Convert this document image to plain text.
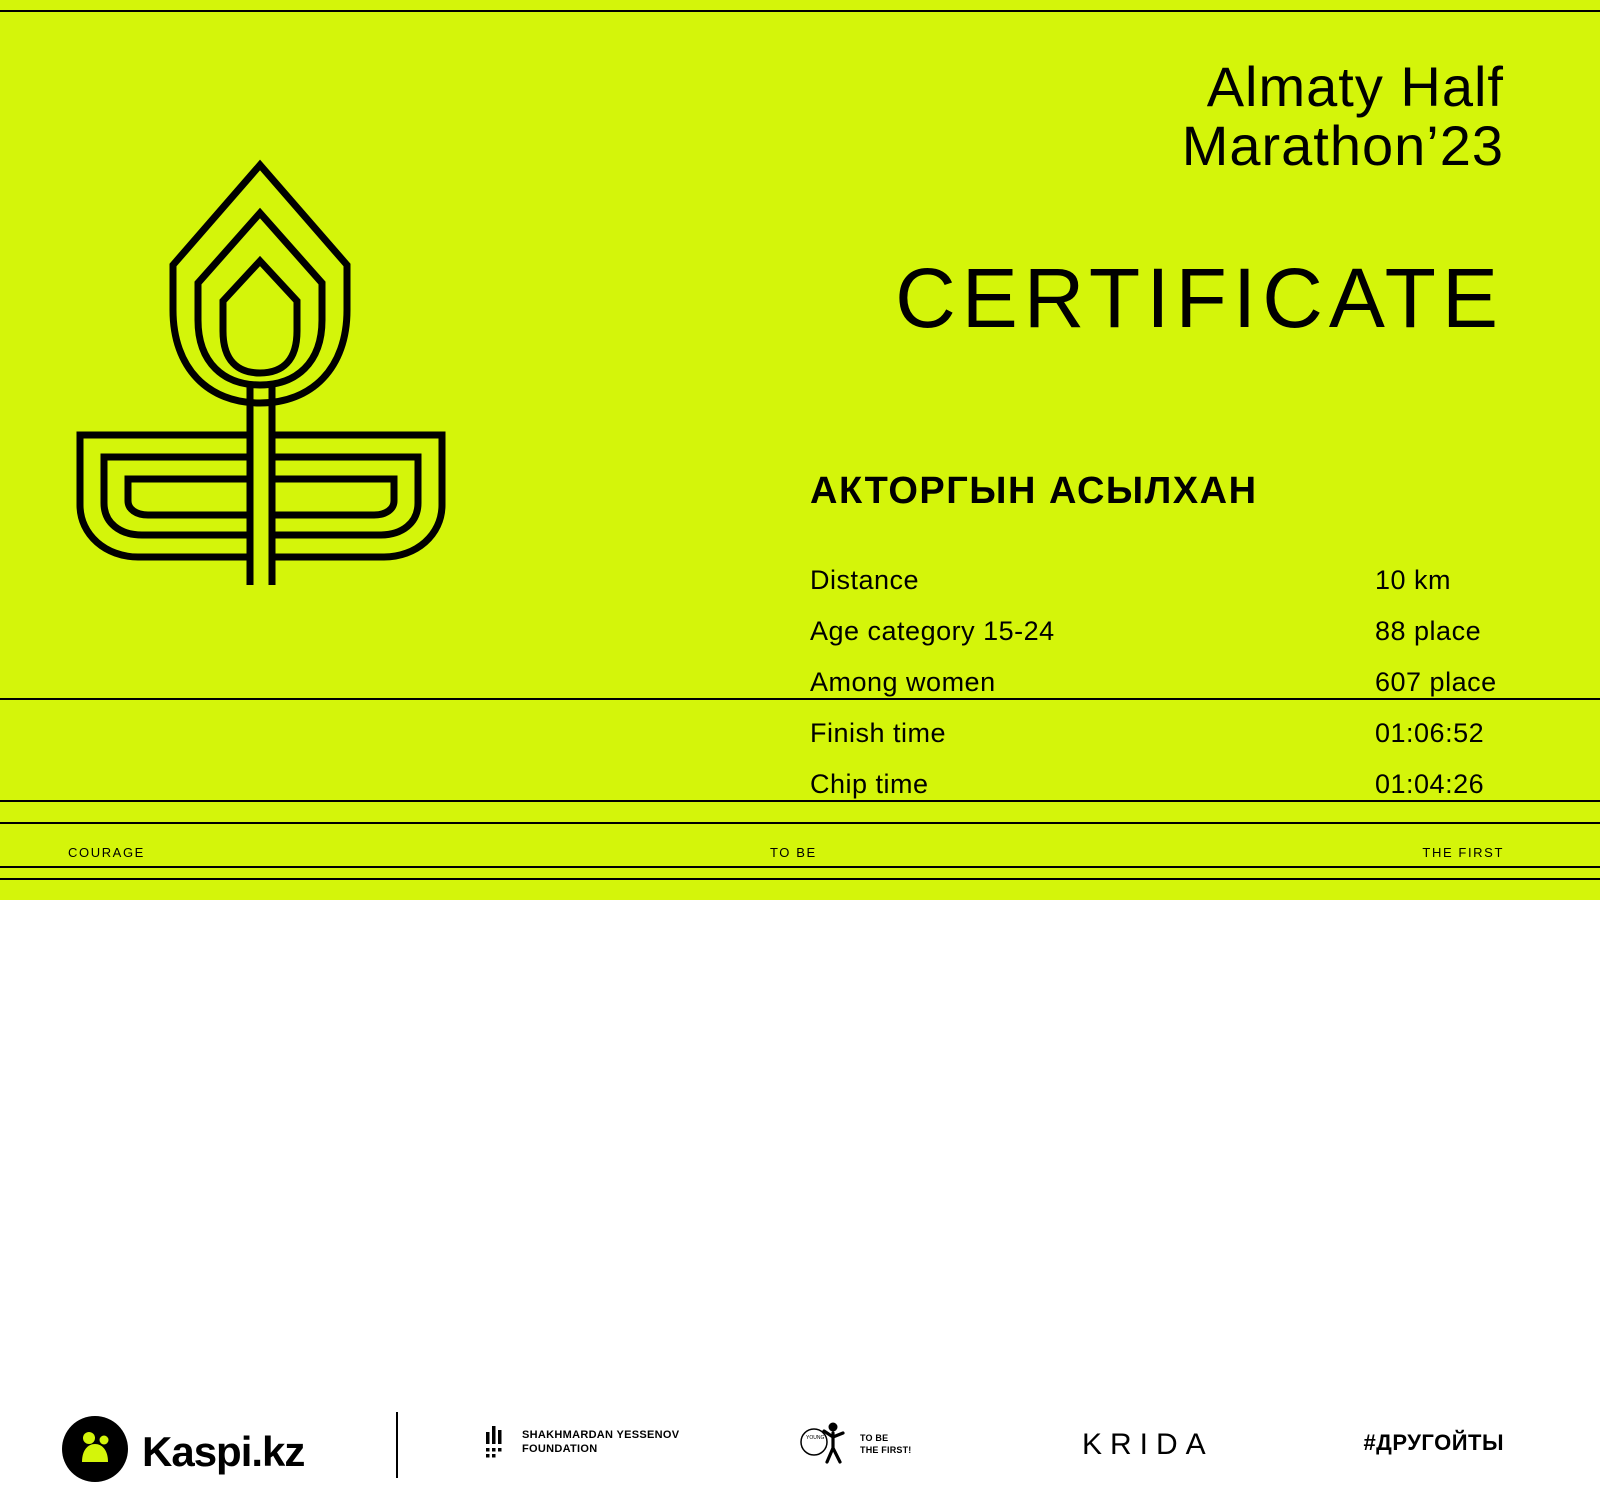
Almaty Half
Marathon’23
CERTIFICATE
АКТОРГЫН АСЫЛХАН
Distance	10 km
Age category 15-24	88 place
Among women	607 place
Finish time	01:06:52
Chip time	01:04:26
Kaspi.kz	SHAKHMARDAN YESSENOV
FOUNDATION
YOUNG	TO BE
THE FIRST!	KRIDA	#ДРУГОЙТЫ
COURAGE	TO BE	THE FIRST
